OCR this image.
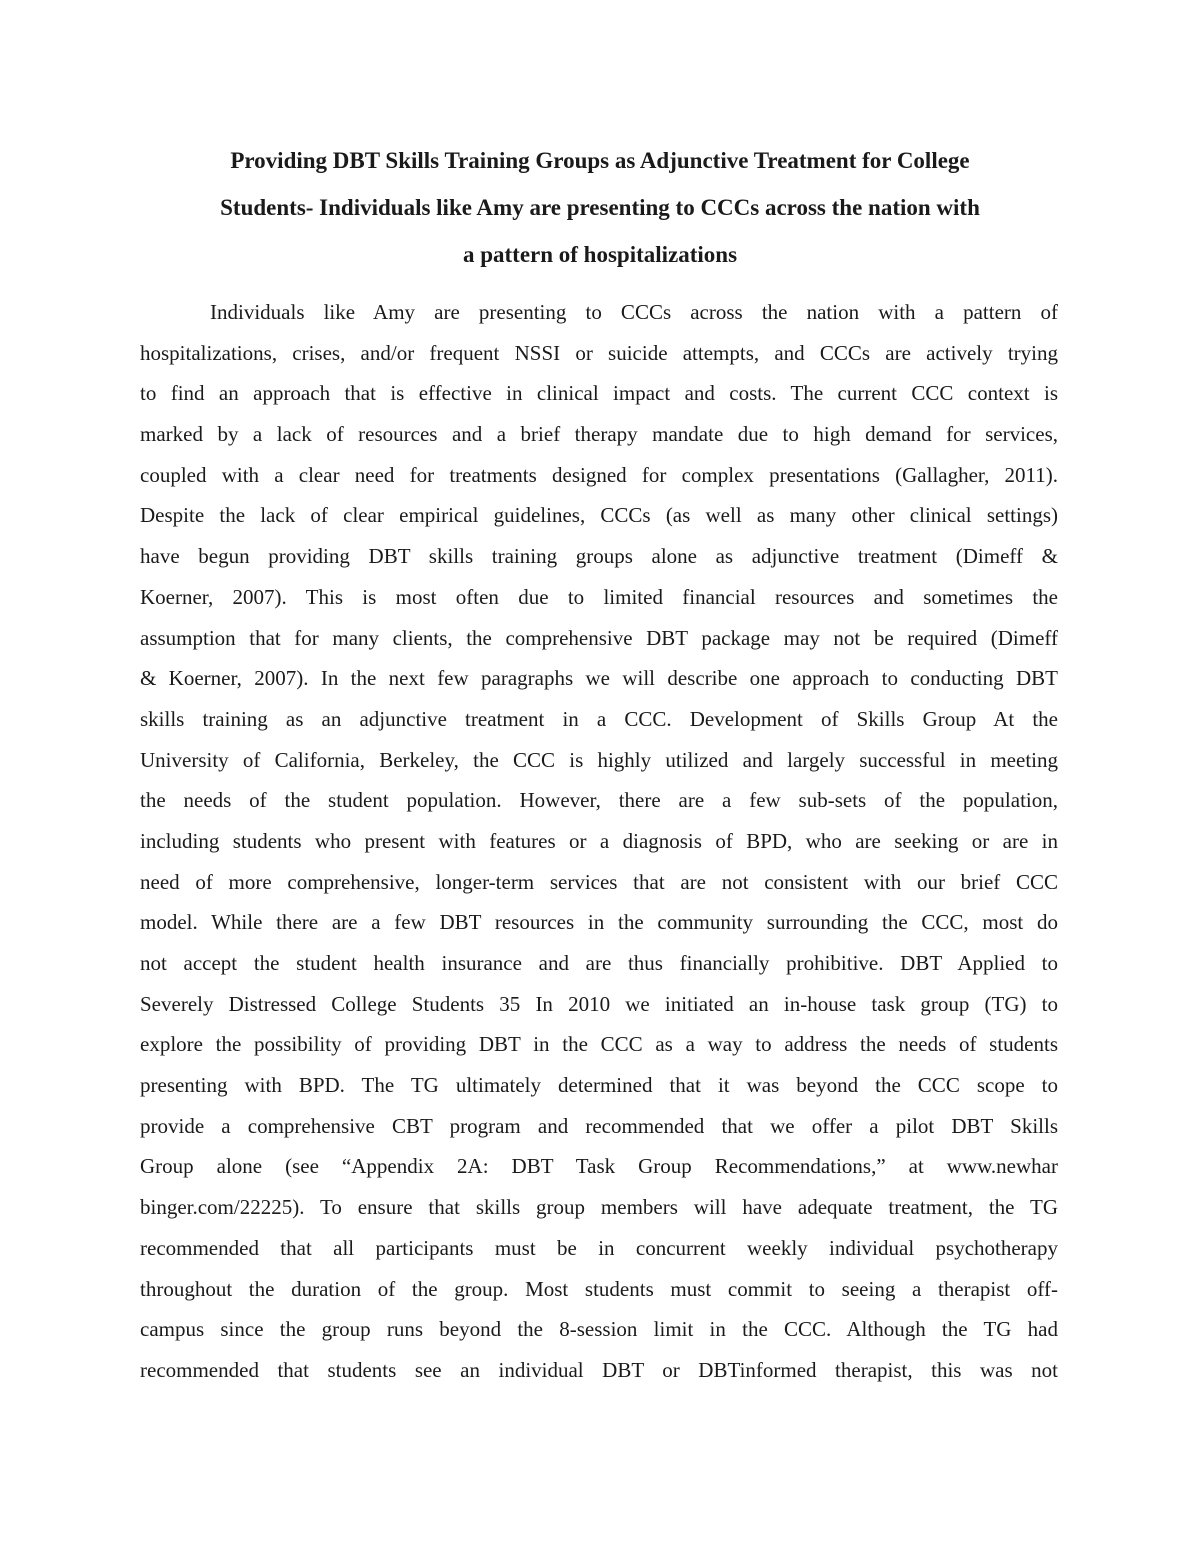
Providing DBT Skills Training Groups as Adjunctive Treatment for College
Students- Individuals like Amy are presenting to CCCs across the nation with
a pattern of hospitalizations
Individuals like Amy are presenting to CCCs across the nation with a pattern of
hospitalizations, crises, and/or frequent NSSI or suicide attempts, and CCCs are actively trying
to find an approach that is effective in clinical impact and costs. The current CCC context is
marked by a lack of resources and a brief therapy mandate due to high demand for services,
coupled with a clear need for treatments designed for complex presentations (Gallagher, 2011).
Despite the lack of clear empirical guidelines, CCCs (as well as many other clinical settings)
have begun providing DBT skills training groups alone as adjunctive treatment (Dimeff &
Koerner, 2007). This is most often due to limited financial resources and sometimes the
assumption that for many clients, the comprehensive DBT package may not be required (Dimeff
& Koerner, 2007). In the next few paragraphs we will describe one approach to conducting DBT
skills training as an adjunctive treatment in a CCC. Development of Skills Group At the
University of California, Berkeley, the CCC is highly utilized and largely successful in meeting
the needs of the student population. However, there are a few sub-sets of the population,
including students who present with features or a diagnosis of BPD, who are seeking or are in
need of more comprehensive, longer-term services that are not consistent with our brief CCC
model. While there are a few DBT resources in the community surrounding the CCC, most do
not accept the student health insurance and are thus financially prohibitive. DBT Applied to
Severely Distressed College Students 35 In 2010 we initiated an in-house task group (TG) to
explore the possibility of providing DBT in the CCC as a way to address the needs of students
presenting with BPD. The TG ultimately determined that it was beyond the CCC scope to
provide a comprehensive CBT program and recommended that we offer a pilot DBT Skills
Group alone (see “Appendix 2A: DBT Task Group Recommendations,” at www.newhar
binger.com/22225). To ensure that skills group members will have adequate treatment, the TG
recommended that all participants must be in concurrent weekly individual psychotherapy
throughout the duration of the group. Most students must commit to seeing a therapist off-
campus since the group runs beyond the 8-session limit in the CCC. Although the TG had
recommended that students see an individual DBT or DBTinformed therapist, this was not
